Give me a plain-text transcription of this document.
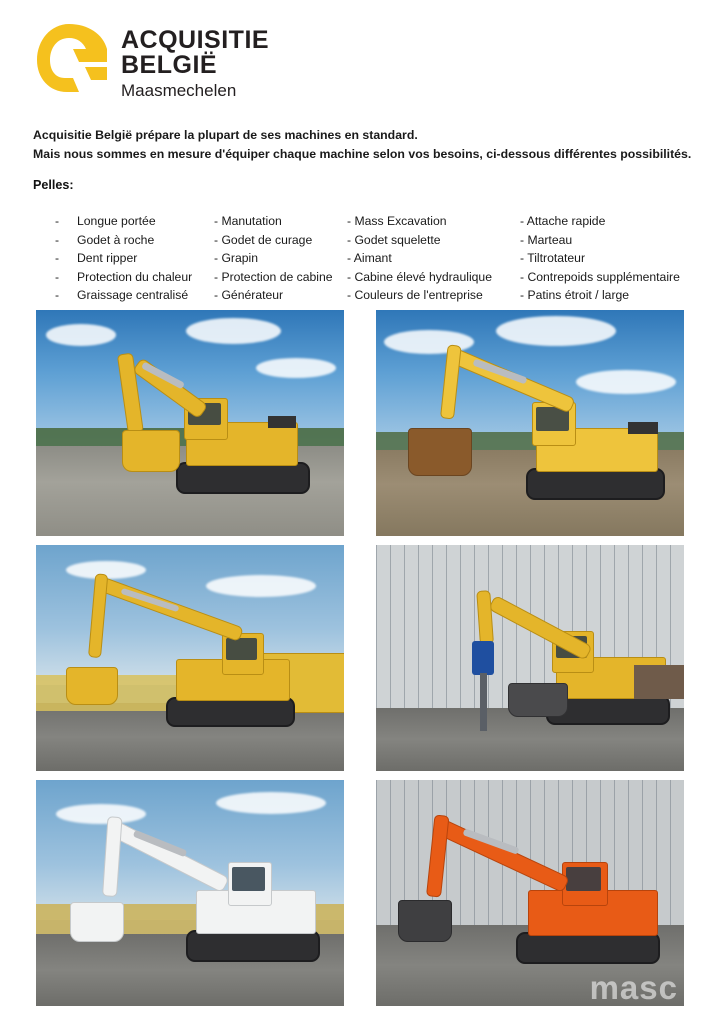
ACQUISITIE
BELGIË
Maasmechelen
Acquisitie België prépare la plupart de ses machines en standard.
Mais nous sommes en mesure d'équiper chaque machine selon vos besoins, ci-dessous différentes possibilités.
Pelles:
-	Longue portée	- Manutation	- Mass Excavation	- Attache rapide
-	Godet à roche	- Godet de curage	- Godet squelette	- Marteau
-	Dent ripper	- Grapin	- Aimant	- Tiltrotateur
-	Protection du chaleur	- Protection de cabine	- Cabine élevé hydraulique	- Contrepoids supplémentaire
-	Graissage centralisé	- Générateur	- Couleurs de l'entreprise	- Patins étroit / large
masc
